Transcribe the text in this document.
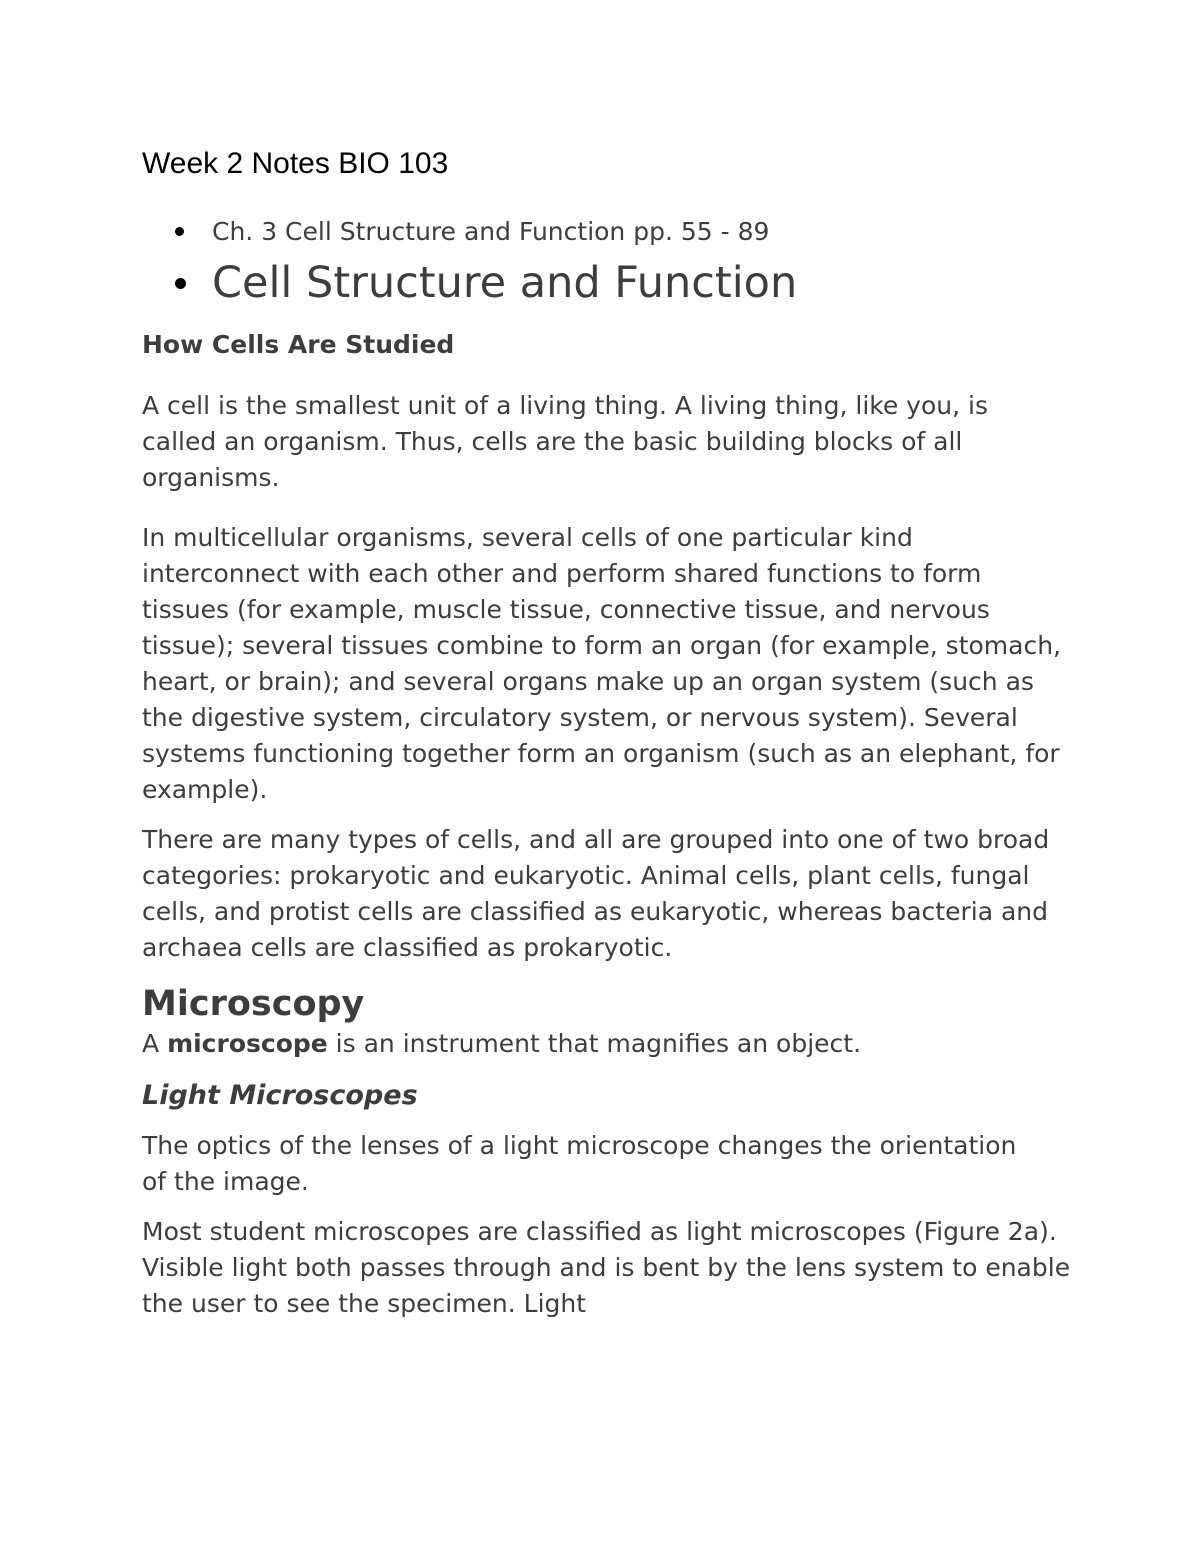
Week 2 Notes BIO 103
Ch. 3 Cell Structure and Function pp. 55 - 89
Cell Structure and Function
How Cells Are Studied

A cell is the smallest unit of a living thing. A living thing, like you, is called an organism. Thus, cells are the basic building blocks of all organisms.

In multicellular organisms, several cells of one particular kind interconnect with each other and perform shared functions to form tissues (for example, muscle tissue, connective tissue, and nervous tissue); several tissues combine to form an organ (for example, stomach, heart, or brain); and several organs make up an organ system (such as the digestive system, circulatory system, or nervous system). Several systems functioning together form an organism (such as an elephant, for example).

There are many types of cells, and all are grouped into one of two broad categories: prokaryotic and eukaryotic. Animal cells, plant cells, fungal cells, and protist cells are classified as eukaryotic, whereas bacteria and archaea cells are classified as prokaryotic.

Microscopy

A microscope is an instrument that magnifies an object.

Light Microscopes

The optics of the lenses of a light microscope changes the orientation of the image.

Most student microscopes are classified as light microscopes (Figure 2a). Visible light both passes through and is bent by the lens system to enable the user to see the specimen. Light
